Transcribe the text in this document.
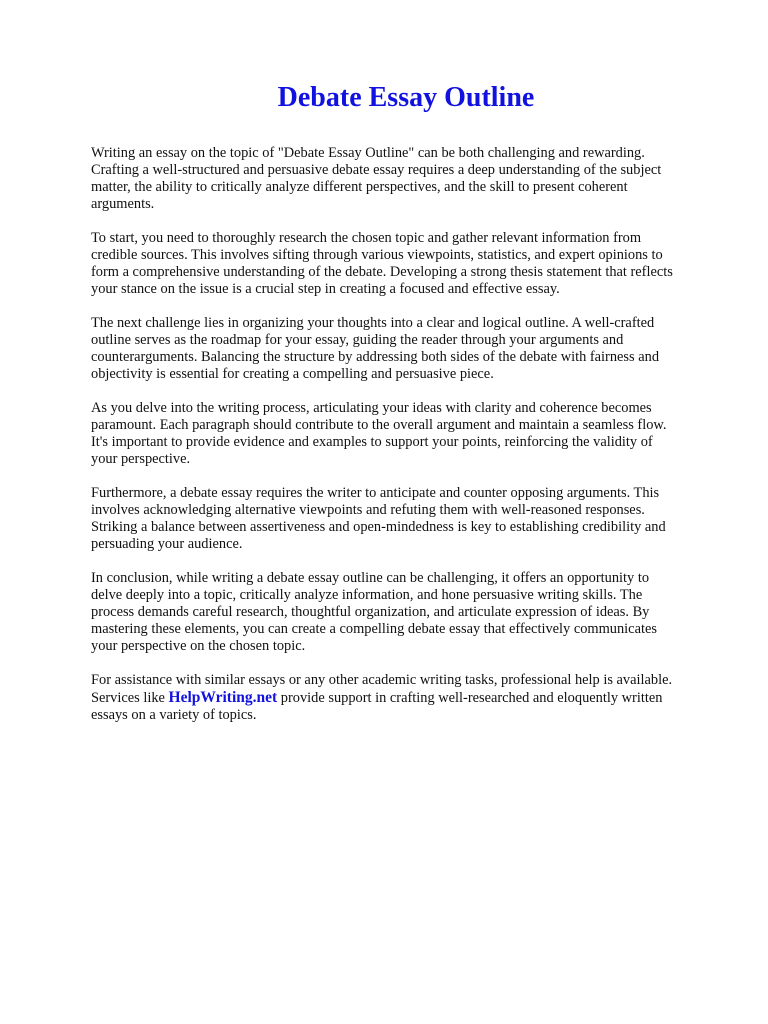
Debate Essay Outline

Writing an essay on the topic of "Debate Essay Outline" can be both challenging and rewarding.
Crafting a well-structured and persuasive debate essay requires a deep understanding of the subject
matter, the ability to critically analyze different perspectives, and the skill to present coherent
arguments.

To start, you need to thoroughly research the chosen topic and gather relevant information from
credible sources. This involves sifting through various viewpoints, statistics, and expert opinions to
form a comprehensive understanding of the debate. Developing a strong thesis statement that reflects
your stance on the issue is a crucial step in creating a focused and effective essay.

The next challenge lies in organizing your thoughts into a clear and logical outline. A well-crafted
outline serves as the roadmap for your essay, guiding the reader through your arguments and
counterarguments. Balancing the structure by addressing both sides of the debate with fairness and
objectivity is essential for creating a compelling and persuasive piece.

As you delve into the writing process, articulating your ideas with clarity and coherence becomes
paramount. Each paragraph should contribute to the overall argument and maintain a seamless flow.
It's important to provide evidence and examples to support your points, reinforcing the validity of
your perspective.

Furthermore, a debate essay requires the writer to anticipate and counter opposing arguments. This
involves acknowledging alternative viewpoints and refuting them with well-reasoned responses.
Striking a balance between assertiveness and open-mindedness is key to establishing credibility and
persuading your audience.

In conclusion, while writing a debate essay outline can be challenging, it offers an opportunity to
delve deeply into a topic, critically analyze information, and hone persuasive writing skills. The
process demands careful research, thoughtful organization, and articulate expression of ideas. By
mastering these elements, you can create a compelling debate essay that effectively communicates
your perspective on the chosen topic.

For assistance with similar essays or any other academic writing tasks, professional help is available.
Services like HelpWriting.net provide support in crafting well-researched and eloquently written
essays on a variety of topics.
